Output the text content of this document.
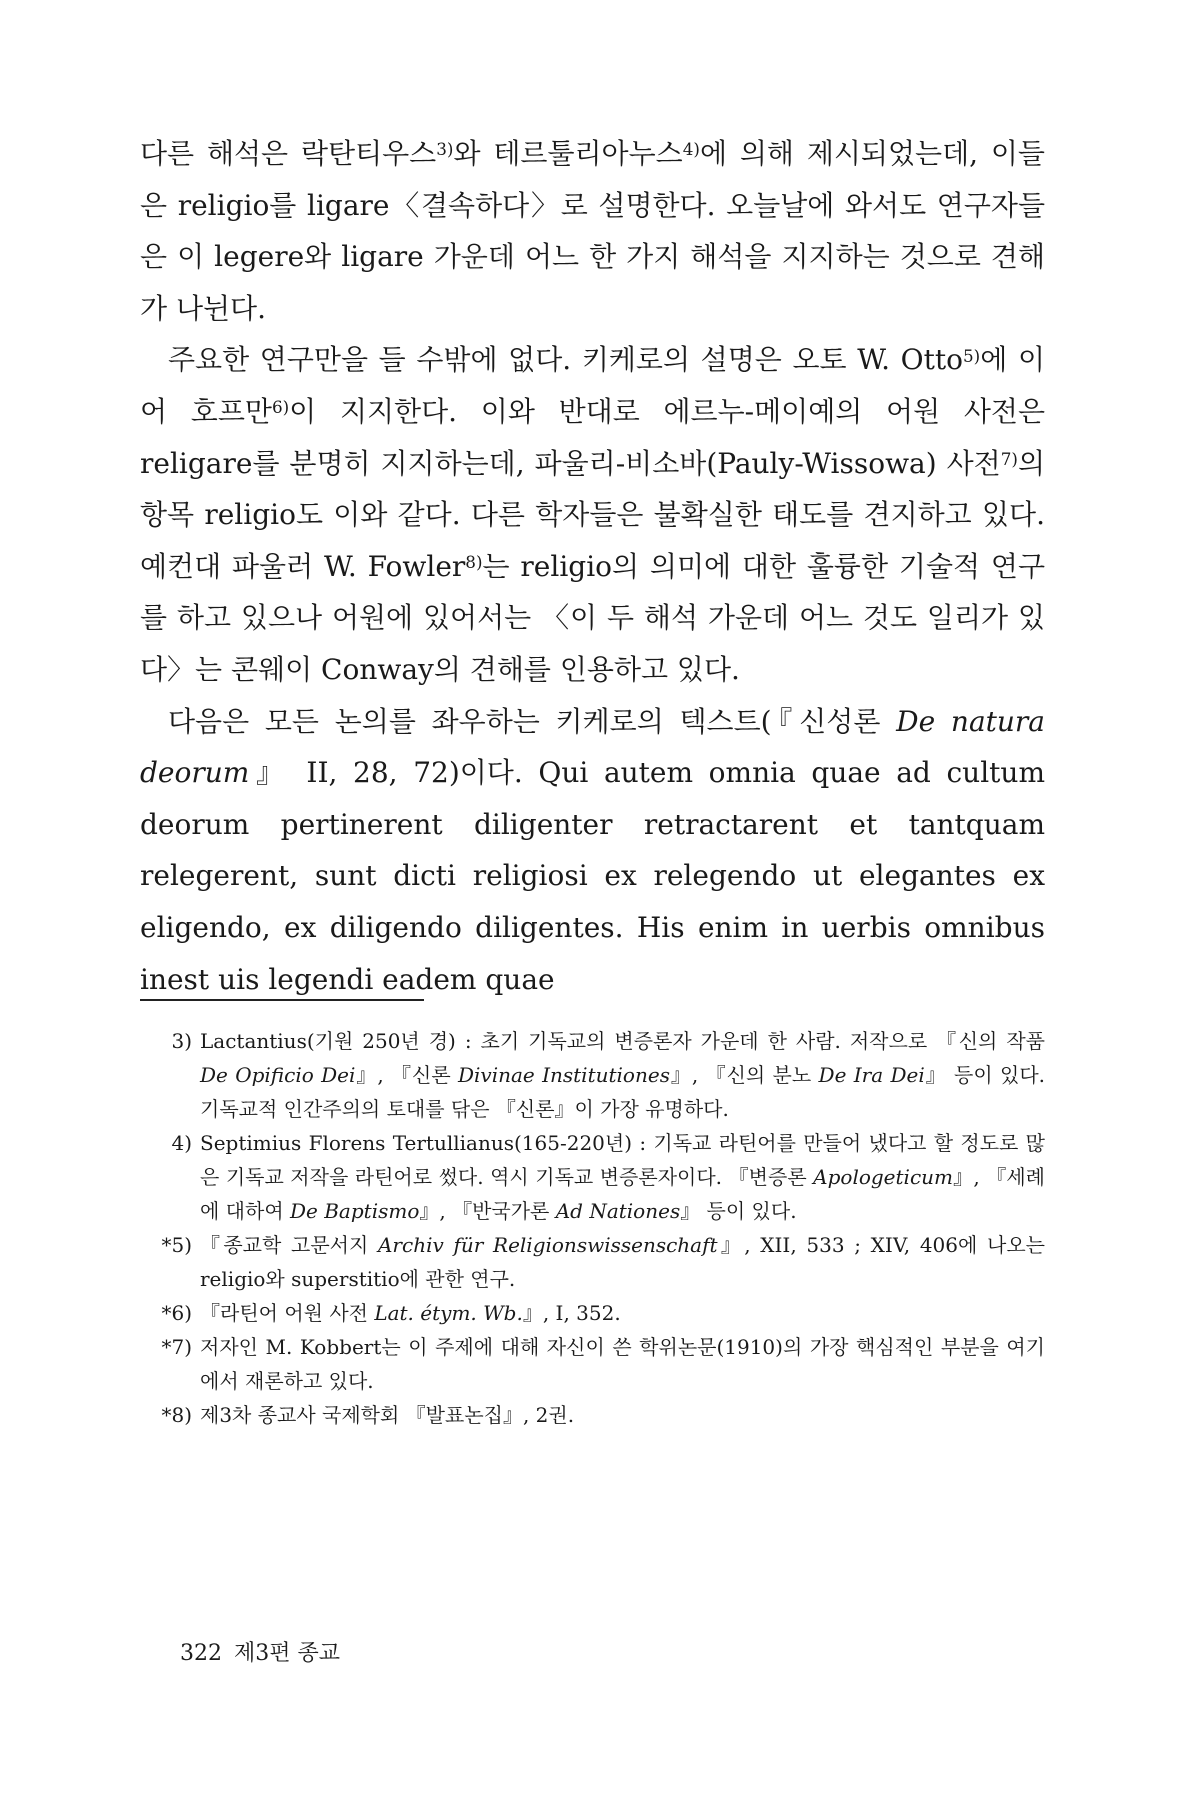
다른 해석은 락탄티우스$^{3)}$와 테르툴리아누스$^{4)}$에 의해 제시되었는데, 이들은 religio를 ligare〈결속하다〉로 설명한다. 오늘날에 와서도 연구자들은 이 legere와 ligare 가운데 어느 한 가지 해석을 지지하는 것으로 견해가 나뉜다.

주요한 연구만을 들 수밖에 없다. 키케로의 설명은 오토 W. Otto$^{5)}$에 이어 호프만$^{6)}$이 지지한다. 이와 반대로 에르누-메이예의 어원 사전은 religare를 분명히 지지하는데, 파울리-비소바(Pauly-Wissowa) 사전$^{7)}$의 항목 religio도 이와 같다. 다른 학자들은 불확실한 태도를 견지하고 있다. 예컨대 파울러 W. Fowler$^{8)}$는 religio의 의미에 대한 훌륭한 기술적 연구를 하고 있으나 어원에 있어서는 〈이 두 해석 가운데 어느 것도 일리가 있다〉는 콘웨이 Conway의 견해를 인용하고 있다.

다음은 모든 논의를 좌우하는 키케로의 텍스트(『신성론 De natura deorum』 II, 28, 72)이다. Qui autem omnia quae ad cultum deorum pertinerent diligenter retractarent et tantquam relegerent, sunt dicti religiosi ex relegendo ut elegantes ex eligendo, ex diligendo diligentes. His enim in uerbis omnibus inest uis legendi eadem quae

3) Lactantius(기원 250년 경) : 초기 기독교의 변증론자 가운데 한 사람. 저작으로 『신의 작품 De Opificio Dei』, 『신론 Divinae Institutiones』, 『신의 분노 De Ira Dei』 등이 있다. 기독교적 인간주의의 토대를 닦은 『신론』이 가장 유명하다.
4) Septimius Florens Tertullianus(165-220년) : 기독교 라틴어를 만들어 냈다고 할 정도로 많은 기독교 저작을 라틴어로 썼다. 역시 기독교 변증론자이다. 『변증론 Apologeticum』, 『세례에 대하여 De Baptismo』, 『반국가론 Ad Nationes』 등이 있다.
*5) 『종교학 고문서지 Archiv für Religionswissenschaft』, XII, 533 ; XIV, 406에 나오는 religio와 superstitio에 관한 연구.
*6) 『라틴어 어원 사전 Lat. étym. Wb.』, I, 352.
*7) 저자인 M. Kobbert는 이 주제에 대해 자신이 쓴 학위논문(1910)의 가장 핵심적인 부분을 여기에서 재론하고 있다.
*8) 제3차 종교사 국제학회 『발표논집』, 2권.
322 제3편 종교
